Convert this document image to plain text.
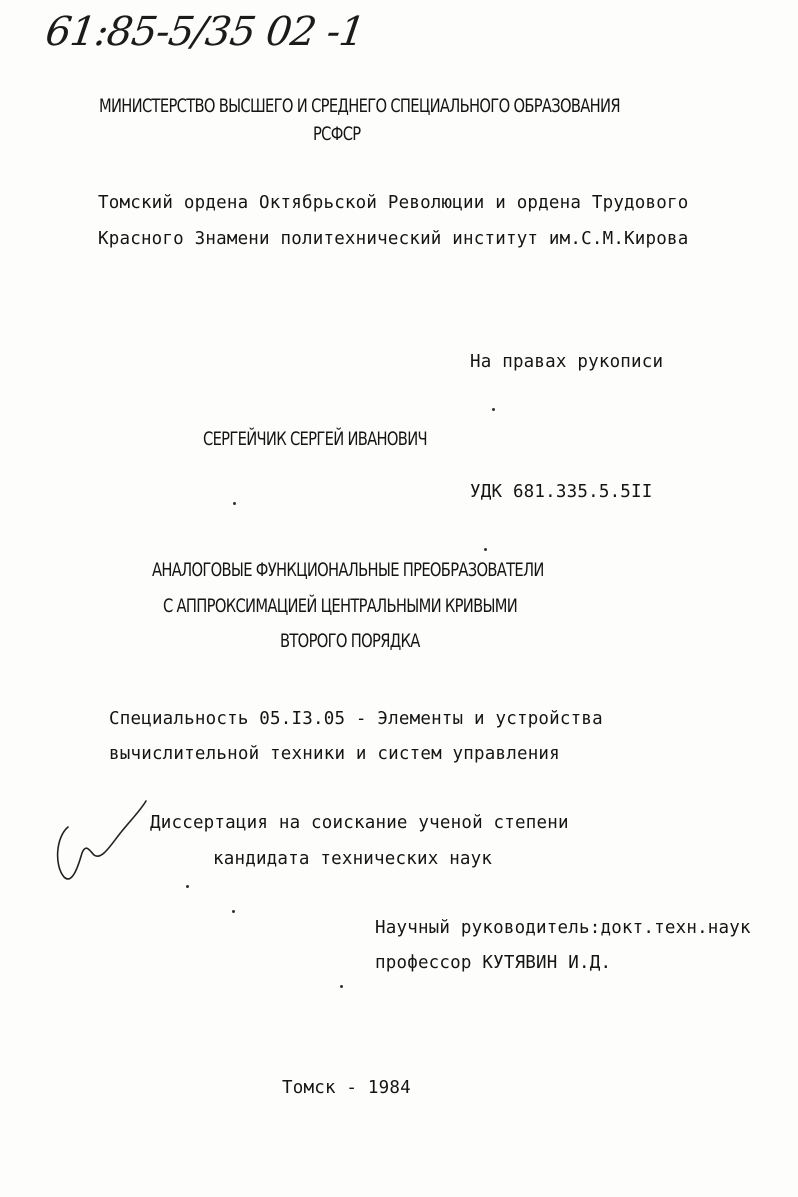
61:85-5/35 02 -1
МИНИСТЕРСТВО ВЫСШЕГО И СРЕДНЕГО СПЕЦИАЛЬНОГО ОБРАЗОВАНИЯ
РСФСР
Томский ордена Октябрьской Революции и ордена Трудового
Красного Знамени политехнический институт им.С.М.Кирова
На правах рукописи
СЕРГЕЙЧИК СЕРГЕЙ ИВАНОВИЧ
УДК 681.335.5.5II
АНАЛОГОВЫЕ ФУНКЦИОНАЛЬНЫЕ ПРЕОБРАЗОВАТЕЛИ
С АППРОКСИМАЦИЕЙ ЦЕНТРАЛЬНЫМИ КРИВЫМИ
ВТОРОГО ПОРЯДКА
Специальность 05.I3.05 - Элементы и устройства
вычислительной техники и систем управления
Диссертация на соискание ученой степени
кандидата технических наук
Научный руководитель:докт.техн.наук
профессор КУТЯВИН И.Д.
Томск - 1984
